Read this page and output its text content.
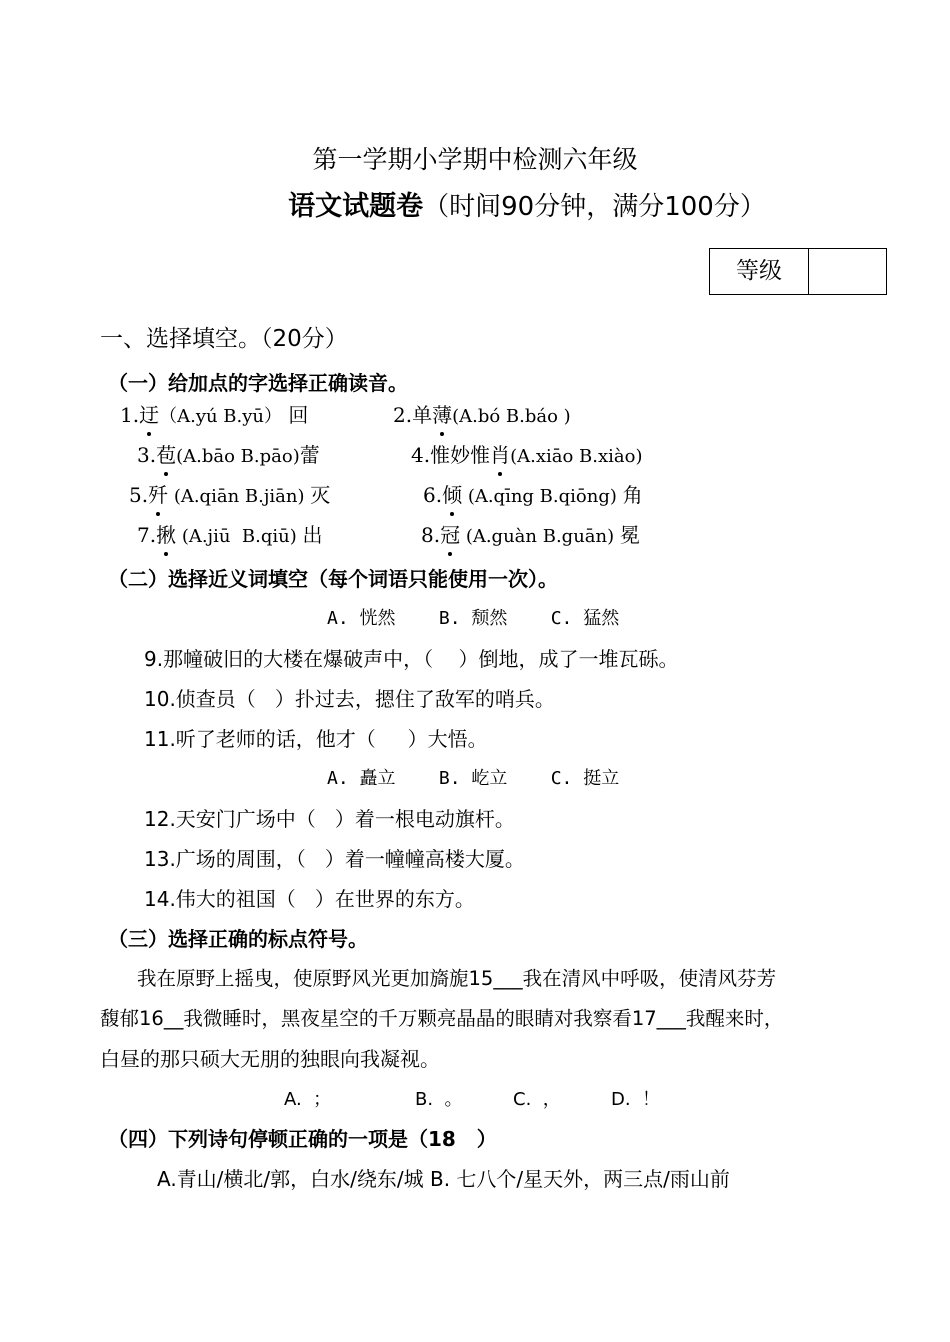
第一学期小学期中检测六年级
语文试题卷（时间90分钟，满分100分）
等级
一、选择填空。（20分）
（一）给加点的字选择正确读音。
1.迂（A.yú B.yū） 回	2.单薄(A.bó B.báo )
3.苞(A.bāo B.pāo)蕾	4.惟妙惟肖(A.xiāo B.xiào)
5.歼 (A.qiān B.jiān) 灭	6.倾 (A.qīng B.qiōng) 角
7.揪 (A.jiū  B.qiū) 出	8.冠 (A.guàn B.guān) 冕
（二）选择近义词填空（每个词语只能使用一次）。
A. 恍然    B. 颓然    C. 猛然
9.那幢破旧的大楼在爆破声中，（    ）倒地，成了一堆瓦砾。
10.侦查员（   ）扑过去，摁住了敌军的哨兵。
11.听了老师的话，他才（     ）大悟。
A. 矗立    B. 屹立    C. 挺立
12.天安门广场中（   ）着一根电动旗杆。
13.广场的周围，（   ）着一幢幢高楼大厦。
14.伟大的祖国（   ）在世界的东方。
（三）选择正确的标点符号。
我在原野上摇曳，使原野风光更加旖旎15___我在清风中呼吸，使清风芬芳
馥郁16__我微睡时，黑夜星空的千万颗亮晶晶的眼睛对我察看17___我醒来时，
白昼的那只硕大无朋的独眼向我凝视。
A.  ；	B.  。	C.  ，	D.  ！
（四）下列诗句停顿正确的一项是（18   ）
A.青山/横北/郭，白水/绕东/城 B. 七八个/星天外，两三点/雨山前
